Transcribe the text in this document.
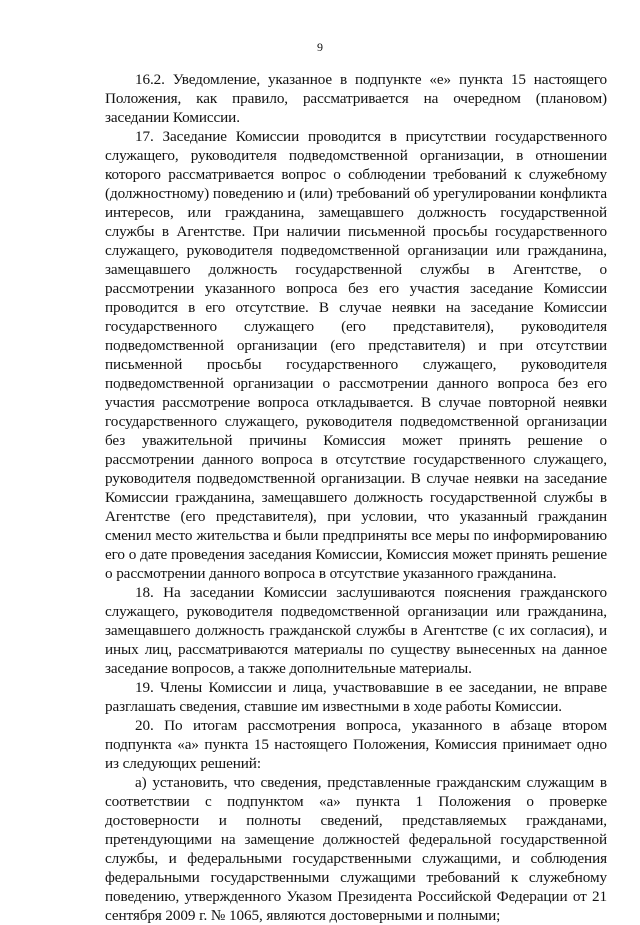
9

16.2. Уведомление, указанное в подпункте «е» пункта 15 настоящего Положения, как правило, рассматривается на очередном (плановом) заседании Комиссии.

17. Заседание Комиссии проводится в присутствии государственного служащего, руководителя подведомственной организации, в отношении которого рассматривается вопрос о соблюдении требований к служебному (должностному) поведению и (или) требований об урегулировании конфликта интересов, или гражданина, замещавшего должность государственной службы в Агентстве. При наличии письменной просьбы государственного служащего, руководителя подведомственной организации или гражданина, замещавшего должность государственной службы в Агентстве, о рассмотрении указанного вопроса без его участия заседание Комиссии проводится в его отсутствие. В случае неявки на заседание Комиссии государственного служащего (его представителя), руководителя подведомственной организации (его представителя) и при отсутствии письменной просьбы государственного служащего, руководителя подведомственной организации о рассмотрении данного вопроса без его участия рассмотрение вопроса откладывается. В случае повторной неявки государственного служащего, руководителя подведомственной организации без уважительной причины Комиссия может принять решение о рассмотрении данного вопроса в отсутствие государственного служащего, руководителя подведомственной организации. В случае неявки на заседание Комиссии гражданина, замещавшего должность государственной службы в Агентстве (его представителя), при условии, что указанный гражданин сменил место жительства и были предприняты все меры по информированию его о дате проведения заседания Комиссии, Комиссия может принять решение о рассмотрении данного вопроса в отсутствие указанного гражданина.

18. На заседании Комиссии заслушиваются пояснения гражданского служащего, руководителя подведомственной организации или гражданина, замещавшего должность гражданской службы в Агентстве (с их согласия), и иных лиц, рассматриваются материалы по существу вынесенных на данное заседание вопросов, а также дополнительные материалы.

19. Члены Комиссии и лица, участвовавшие в ее заседании, не вправе разглашать сведения, ставшие им известными в ходе работы Комиссии.

20. По итогам рассмотрения вопроса, указанного в абзаце втором подпункта «а» пункта 15 настоящего Положения, Комиссия принимает одно из следующих решений:

а) установить, что сведения, представленные гражданским служащим в соответствии с подпунктом «а» пункта 1 Положения о проверке достоверности и полноты сведений, представляемых гражданами, претендующими на замещение должностей федеральной государственной службы, и федеральными государственными служащими, и соблюдения федеральными государственными служащими требований к служебному поведению, утвержденного Указом Президента Российской Федерации от 21 сентября 2009 г. № 1065, являются достоверными и полными;
